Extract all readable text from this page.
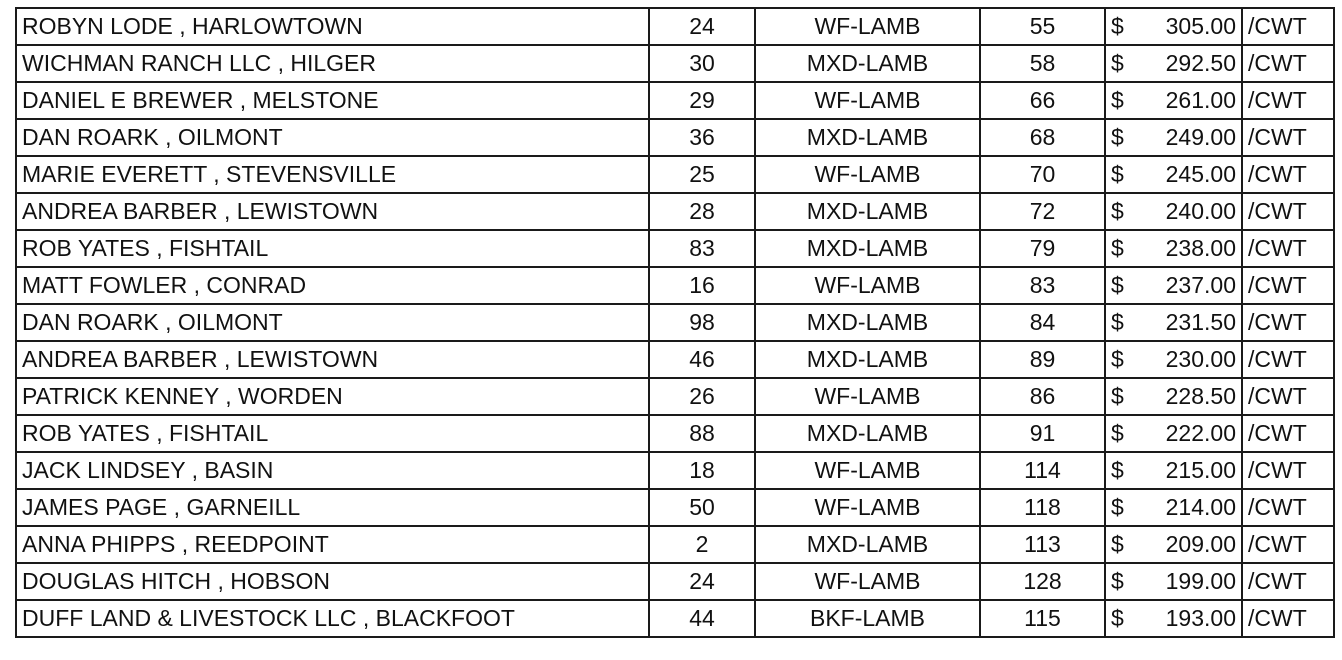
ROBYN LODE , HARLOWTOWN	24	WF-LAMB	55	$ 305.00	/CWT
WICHMAN RANCH LLC , HILGER	30	MXD-LAMB	58	$ 292.50	/CWT
DANIEL E BREWER , MELSTONE	29	WF-LAMB	66	$ 261.00	/CWT
DAN ROARK , OILMONT	36	MXD-LAMB	68	$ 249.00	/CWT
MARIE EVERETT , STEVENSVILLE	25	WF-LAMB	70	$ 245.00	/CWT
ANDREA BARBER , LEWISTOWN	28	MXD-LAMB	72	$ 240.00	/CWT
ROB YATES , FISHTAIL	83	MXD-LAMB	79	$ 238.00	/CWT
MATT FOWLER , CONRAD	16	WF-LAMB	83	$ 237.00	/CWT
DAN ROARK , OILMONT	98	MXD-LAMB	84	$ 231.50	/CWT
ANDREA BARBER , LEWISTOWN	46	MXD-LAMB	89	$ 230.00	/CWT
PATRICK KENNEY , WORDEN	26	WF-LAMB	86	$ 228.50	/CWT
ROB YATES , FISHTAIL	88	MXD-LAMB	91	$ 222.00	/CWT
JACK LINDSEY , BASIN	18	WF-LAMB	114	$ 215.00	/CWT
JAMES PAGE , GARNEILL	50	WF-LAMB	118	$ 214.00	/CWT
ANNA PHIPPS , REEDPOINT	2	MXD-LAMB	113	$ 209.00	/CWT
DOUGLAS HITCH , HOBSON	24	WF-LAMB	128	$ 199.00	/CWT
DUFF LAND & LIVESTOCK LLC , BLACKFOOT	44	BKF-LAMB	115	$ 193.00	/CWT
